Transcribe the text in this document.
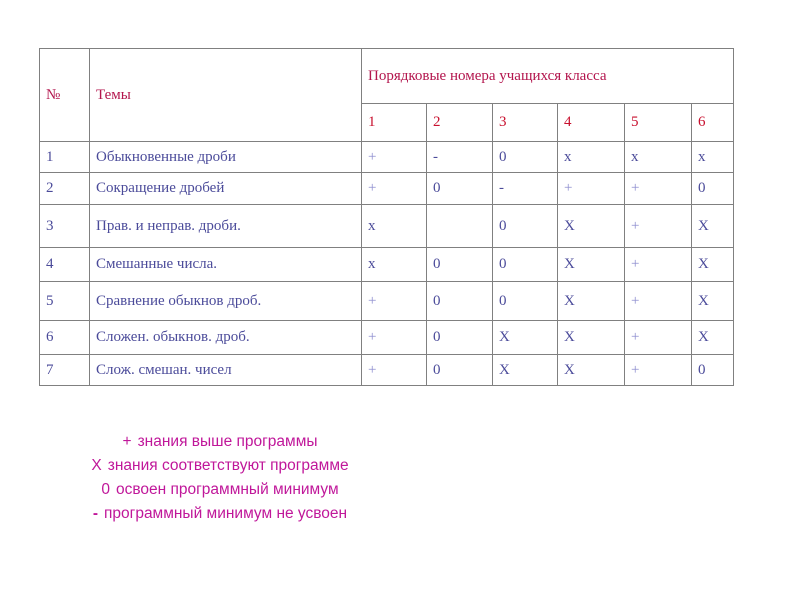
№	Темы	Порядковые номера учащихся класса					
		1	2	3	4	5	6
1	Обыкновенные дроби	+	-	0	х	х	х
2	Сокращение дробей	+	0	-	+	+	0
3	Прав. и неправ. дроби.	х		0	Х	+	Х
4	Смешанные числа.	х	0	0	Х	+	Х
5	Сравнение обыкнов дроб.	+	0	0	Х	+	Х
6	Сложен. обыкнов. дроб.	+	0	Х	Х	+	Х
7	Слож. смешан. чисел	+	0	Х	Х	+	0
+ знания выше программы
Х знания соответствуют программе
0 освоен программный минимум
- программный минимум не усвоен
